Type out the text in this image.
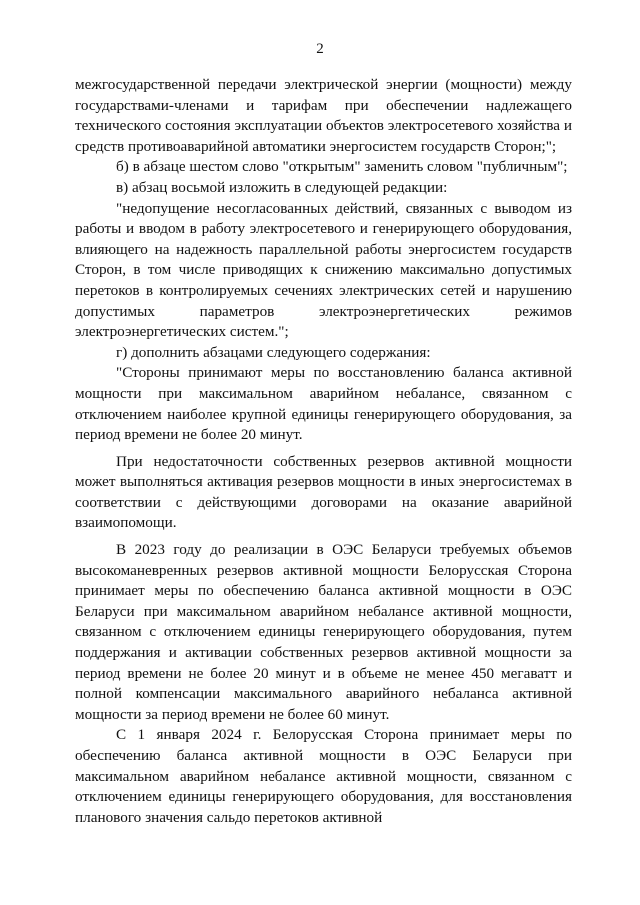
2

межгосударственной передачи электрической энергии (мощности) между государствами-членами и тарифам при обеспечении надлежащего технического состояния эксплуатации объектов электросетевого хозяйства и средств противоаварийной автоматики энергосистем государств Сторон;";

б) в абзаце шестом слово "открытым" заменить словом "публичным";

в) абзац восьмой изложить в следующей редакции:

"недопущение несогласованных действий, связанных с выводом из работы и вводом в работу электросетевого и генерирующего оборудования, влияющего на надежность параллельной работы энергосистем государств Сторон, в том числе приводящих к снижению максимально допустимых перетоков в контролируемых сечениях электрических сетей и нарушению допустимых параметров электроэнергетических режимов электроэнергетических систем.";

г) дополнить абзацами следующего содержания:

"Стороны принимают меры по восстановлению баланса активной мощности при максимальном аварийном небалансе, связанном с отключением наиболее крупной единицы генерирующего оборудования, за период времени не более 20 минут.

При недостаточности собственных резервов активной мощности может выполняться активация резервов мощности в иных энергосистемах в соответствии с действующими договорами на оказание аварийной взаимопомощи.

В 2023 году до реализации в ОЭС Беларуси требуемых объемов высокоманевренных резервов активной мощности Белорусская Сторона принимает меры по обеспечению баланса активной мощности в ОЭС Беларуси при максимальном аварийном небалансе активной мощности, связанном с отключением единицы генерирующего оборудования, путем поддержания и активации собственных резервов активной мощности за период времени не более 20 минут и в объеме не менее 450 мегаватт и полной компенсации максимального аварийного небаланса активной мощности за период времени не более 60 минут.

С 1 января 2024 г. Белорусская Сторона принимает меры по обеспечению баланса активной мощности в ОЭС Беларуси при максимальном аварийном небалансе активной мощности, связанном с отключением единицы генерирующего оборудования, для восстановления планового значения сальдо перетоков активной
